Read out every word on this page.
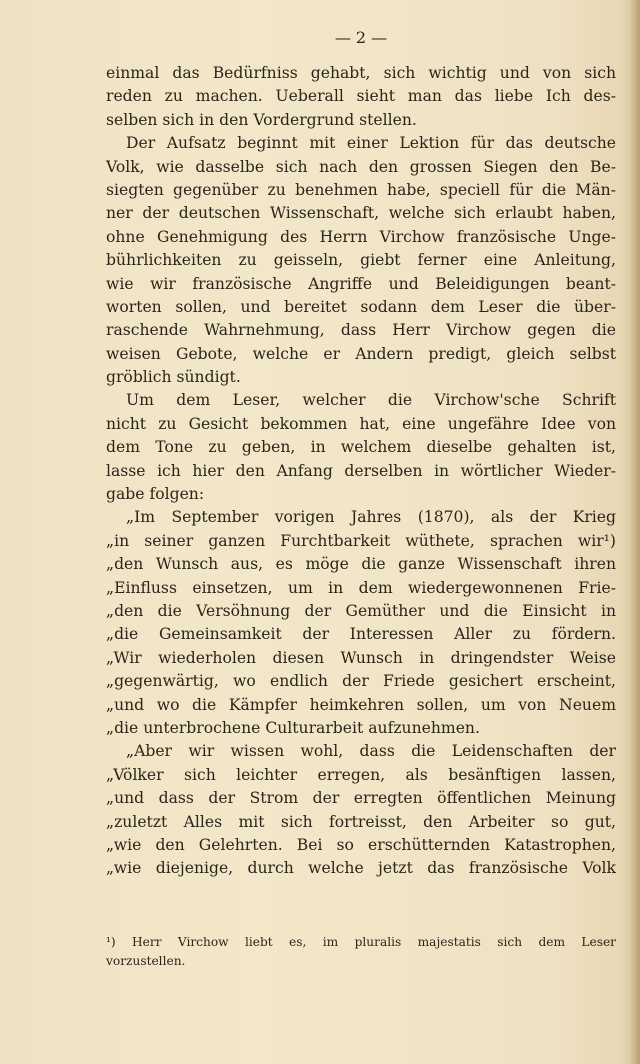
— 2 —
einmal das Bedürfniss gehabt, sich wichtig und von sich
reden zu machen. Ueberall sieht man das liebe Ich des-
selben sich in den Vordergrund stellen.
Der Aufsatz beginnt mit einer Lektion für das deutsche
Volk, wie dasselbe sich nach den grossen Siegen den Be-
siegten gegenüber zu benehmen habe, speciell für die Män-
ner der deutschen Wissenschaft, welche sich erlaubt haben,
ohne Genehmigung des Herrn Virchow französische Unge-
bührlichkeiten zu geisseln, giebt ferner eine Anleitung,
wie wir französische Angriffe und Beleidigungen beant-
worten sollen, und bereitet sodann dem Leser die über-
raschende Wahrnehmung, dass Herr Virchow gegen die
weisen Gebote, welche er Andern predigt, gleich selbst
gröblich sündigt.
Um dem Leser, welcher die Virchow'sche Schrift
nicht zu Gesicht bekommen hat, eine ungefähre Idee von
dem Tone zu geben, in welchem dieselbe gehalten ist,
lasse ich hier den Anfang derselben in wörtlicher Wieder-
gabe folgen:
„Im September vorigen Jahres (1870), als der Krieg
„in seiner ganzen Furchtbarkeit wüthete, sprachen wir¹)
„den Wunsch aus, es möge die ganze Wissenschaft ihren
„Einfluss einsetzen, um in dem wiedergewonnenen Frie-
„den die Versöhnung der Gemüther und die Einsicht in
„die Gemeinsamkeit der Interessen Aller zu fördern.
„Wir wiederholen diesen Wunsch in dringendster Weise
„gegenwärtig, wo endlich der Friede gesichert erscheint,
„und wo die Kämpfer heimkehren sollen, um von Neuem
„die unterbrochene Culturarbeit aufzunehmen.
„Aber wir wissen wohl, dass die Leidenschaften der
„Völker sich leichter erregen, als besänftigen lassen,
„und dass der Strom der erregten öffentlichen Meinung
„zuletzt Alles mit sich fortreisst, den Arbeiter so gut,
„wie den Gelehrten. Bei so erschütternden Katastrophen,
„wie diejenige, durch welche jetzt das französische Volk
¹) Herr Virchow liebt es, im pluralis majestatis sich dem Leser
vorzustellen.
